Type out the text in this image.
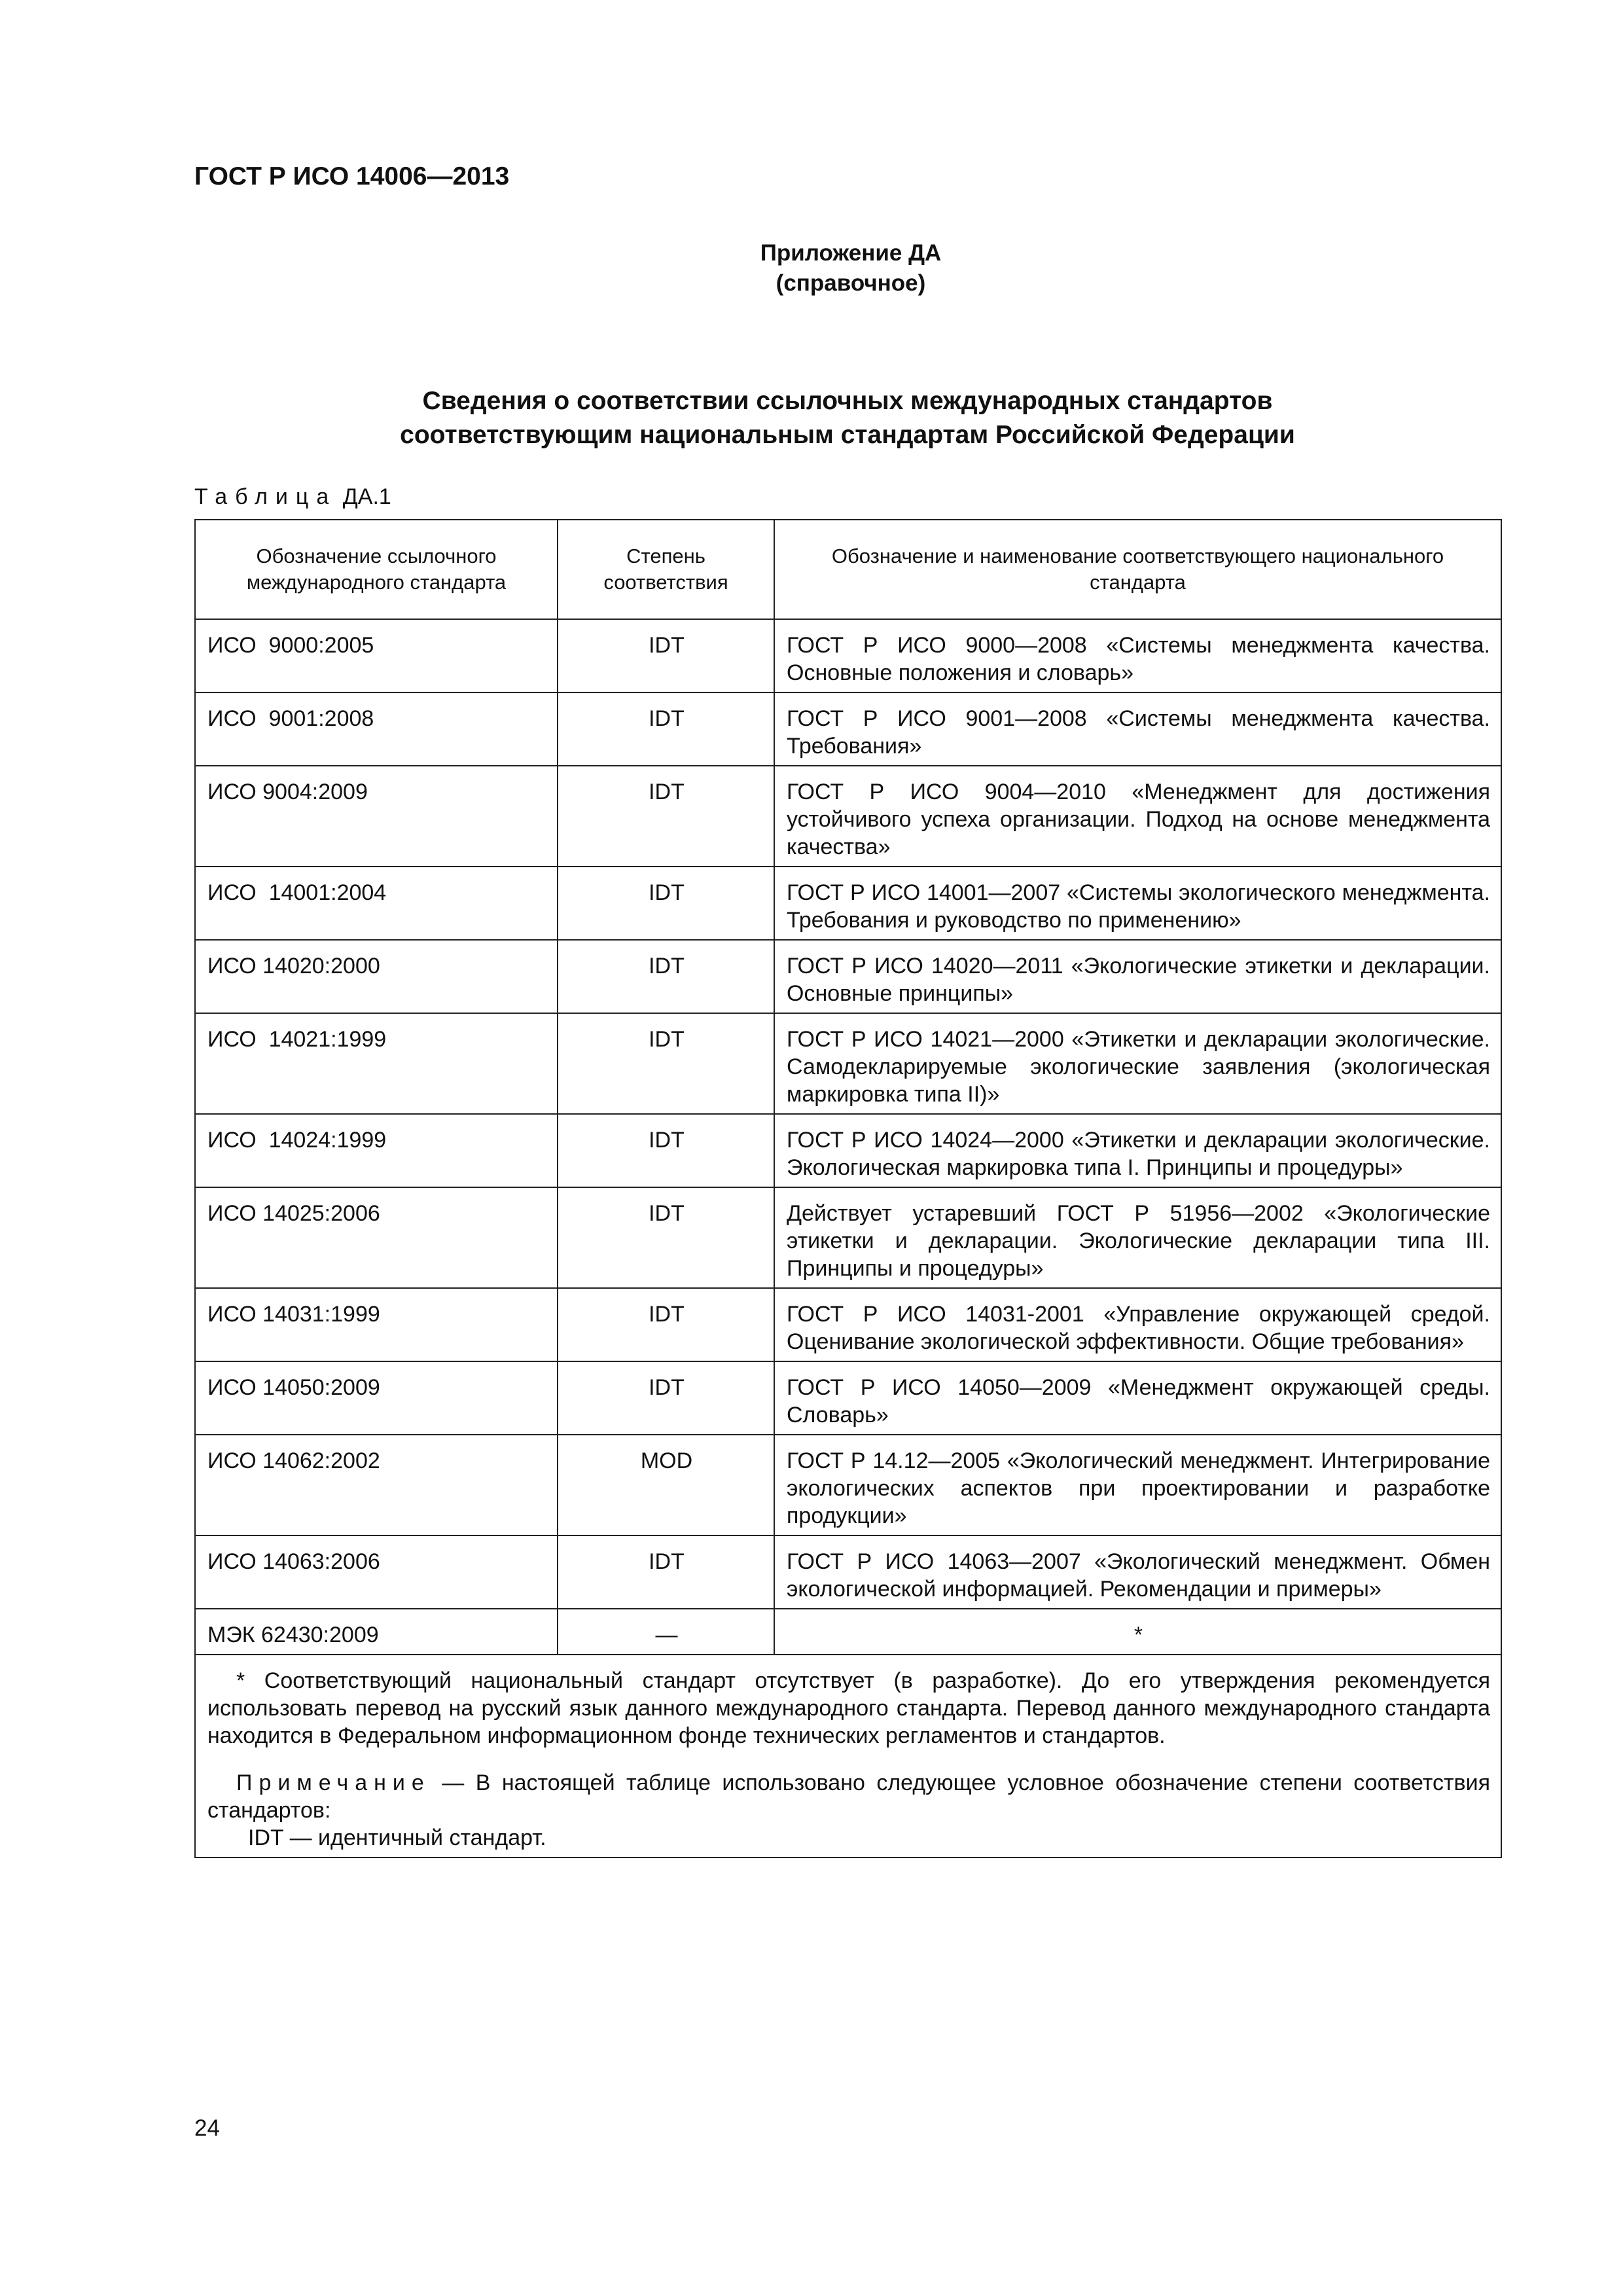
ГОСТ Р ИСО 14006—2013
Приложение ДА
(справочное)
Сведения о соответствии ссылочных международных стандартов
соответствующим национальным стандартам Российской Федерации
Таблица ДА.1
Обозначение ссылочного международного стандарта	Степень соответствия	Обозначение и наименование соответствующего национального стандарта
ИСО  9000:2005	IDT	ГОСТ Р ИСО 9000—2008 «Системы менеджмента качества. Основные положения и словарь»
ИСО  9001:2008	IDT	ГОСТ Р ИСО 9001—2008 «Системы менеджмента качества. Требования»
ИСО 9004:2009	IDT	ГОСТ Р ИСО 9004—2010 «Менеджмент для достижения устойчивого успеха организации. Подход на основе менеджмента качества»
ИСО  14001:2004	IDT	ГОСТ Р ИСО 14001—2007 «Системы экологического менеджмента. Требования и руководство по применению»
ИСО 14020:2000	IDT	ГОСТ Р ИСО 14020—2011 «Экологические этикетки и декларации. Основные принципы»
ИСО  14021:1999	IDT	ГОСТ Р ИСО 14021—2000 «Этикетки и декларации экологические. Самодекларируемые экологические заявления (экологическая маркировка типа II)»
ИСО  14024:1999	IDT	ГОСТ Р ИСО 14024—2000 «Этикетки и декларации экологические. Экологическая маркировка типа I. Принципы и процедуры»
ИСО 14025:2006	IDT	Действует устаревший ГОСТ Р 51956—2002 «Экологические этикетки и декларации. Экологические декларации типа III. Принципы и процедуры»
ИСО 14031:1999	IDT	ГОСТ Р ИСО 14031-2001 «Управление окружающей средой. Оценивание экологической эффективности. Общие требования»
ИСО 14050:2009	IDT	ГОСТ Р ИСО 14050—2009 «Менеджмент окружающей среды. Словарь»
ИСО 14062:2002	MOD	ГОСТ Р 14.12—2005 «Экологический менеджмент. Интегрирование экологических аспектов при проектировании и разработке продукции»
ИСО 14063:2006	IDT	ГОСТ Р ИСО 14063—2007 «Экологический менеджмент. Обмен экологической информацией. Рекомендации и примеры»
МЭК 62430:2009	—	*

* Соответствующий национальный стандарт отсутствует (в разработке). До его утверждения рекомендуется использовать перевод на русский язык данного международного стандарта. Перевод данного международного стандарта находится в Федеральном информационном фонде технических регламентов и стандартов.

Примечание — В настоящей таблице использовано следующее условное обозначение степени соответствия стандартов:

IDT — идентичный стандарт.		

24
